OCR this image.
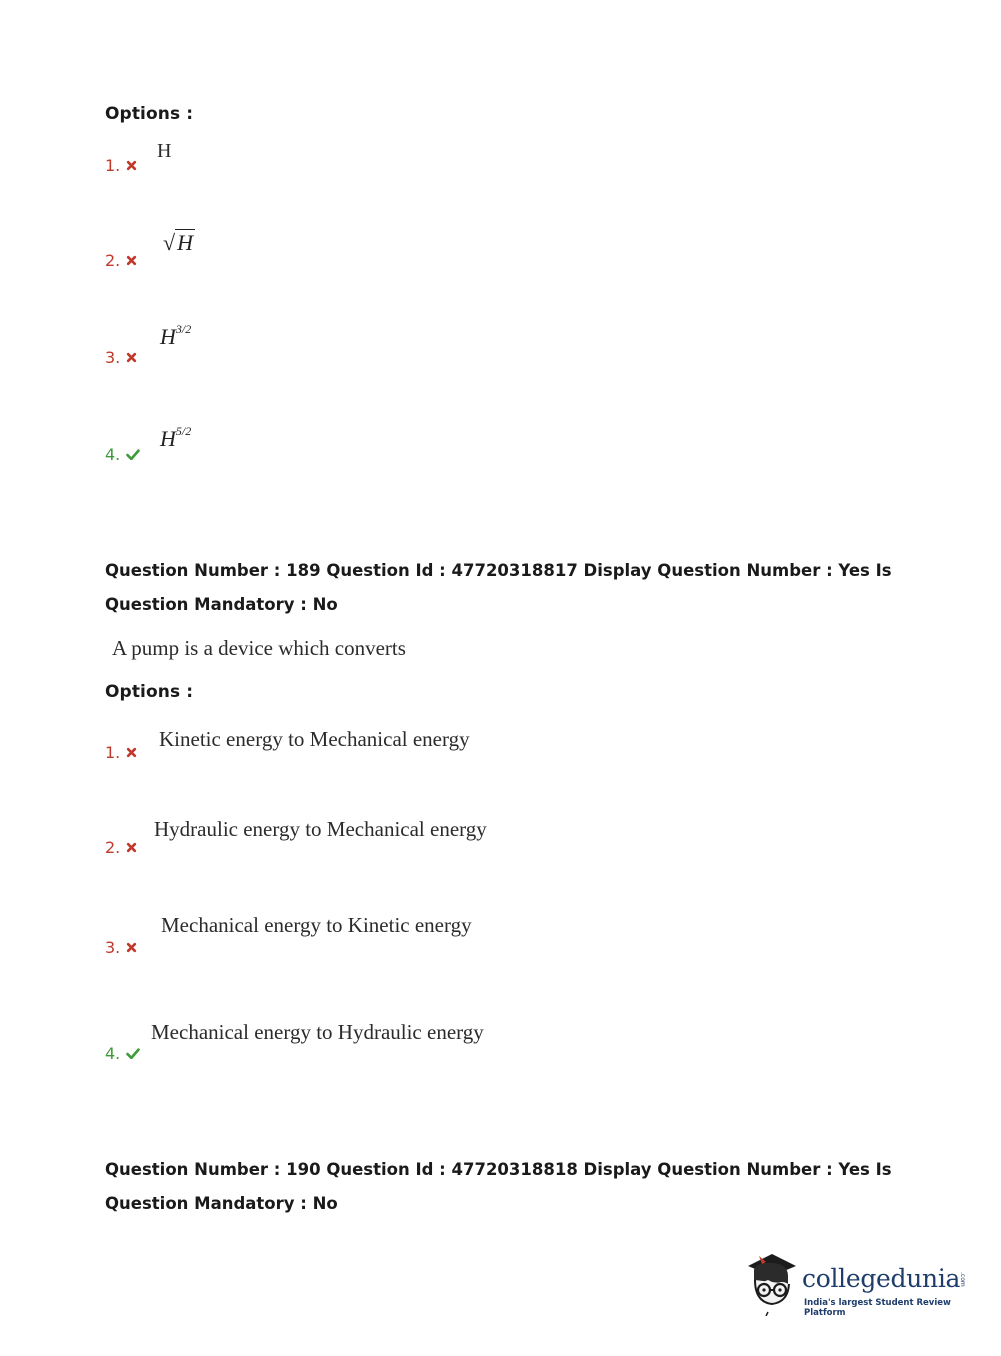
Options :
1.
H
2.
√H
3.
$H^{3/2}$
4.
$H^{5/2}$
Question Number : 189 Question Id : 47720318817 Display Question Number : Yes Is Question Mandatory : No
A pump is a device which converts
Options :
1.
Kinetic energy to Mechanical energy
2.
Hydraulic energy to Mechanical energy
3.
Mechanical energy to Kinetic energy
4.
Mechanical energy to Hydraulic energy
Question Number : 190 Question Id : 47720318818 Display Question Number : Yes Is Question Mandatory : No
collegedunia
.com
India's largest Student Review Platform
